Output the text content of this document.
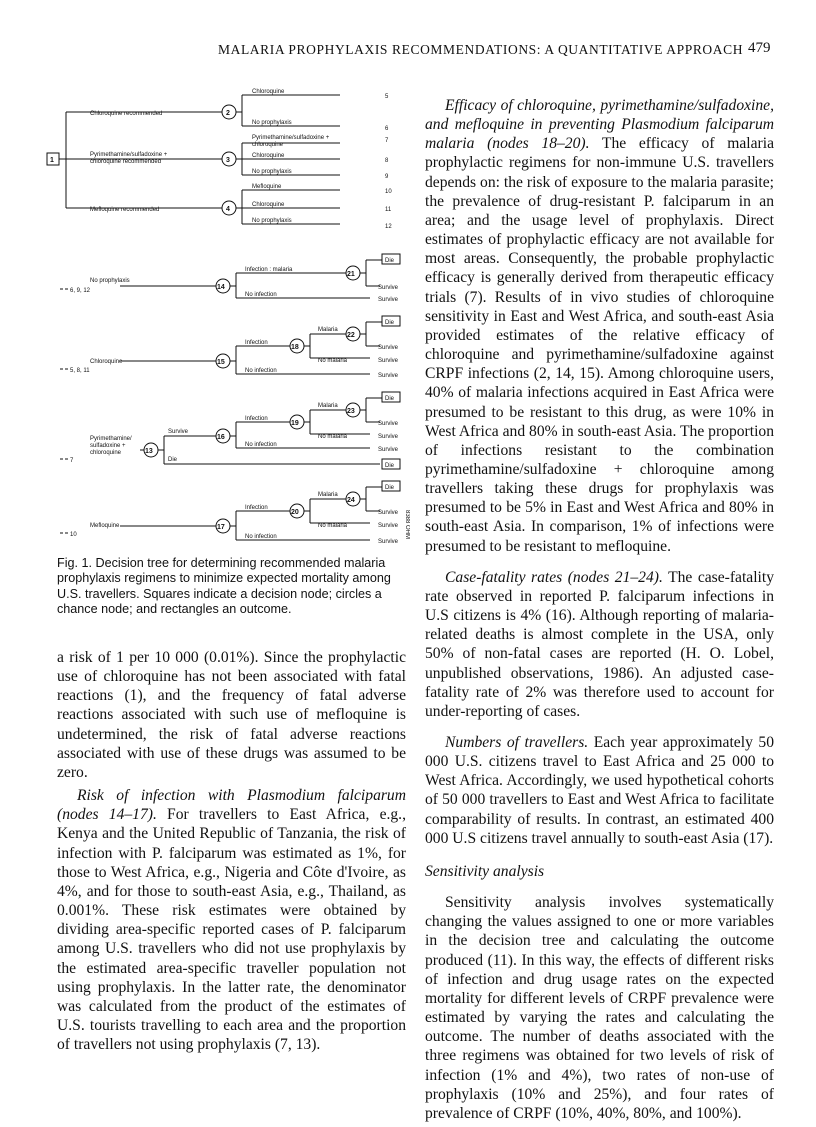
MALARIA PROPHYLAXIS RECOMMENDATIONS: A QUANTITATIVE APPROACH 479
1
Chloroquine recommended
Pyrimethamine/sulfadoxine + chloroquine recommended
Mefloquine recommended
2
3
4
Chloroquine
5
No prophylaxis
6
Pyrimethamine/sulfadoxine + chloroquine
7
Chloroquine
8
No prophylaxis
9
Mefloquine
10
Chloroquine
11
No prophylaxis
12
No prophylaxis
6, 9, 12	14
Infection : malaria
No infection
21
Die
Survive
Survive
Chloroquine
5, 8, 11
15
Infection
No infection
18
Malaria
No malaria
22
Die
Survive
Survive
Survive
Pyrimethamine/ sulfadoxine + chloroquine
7
13
Survive
Die
Die
16
Infection
No infection
19
Malaria
No malaria
23
Die
Survive
Survive
Survive
Mefloquine
10
17
Infection
No infection
20
Malaria
No malaria
24
Die
Survive
Survive
Survive
8388 OHM
Fig. 1. Decision tree for determining recommended malaria prophylaxis regimens to minimize expected mortality among U.S. travellers. Squares indicate a decision node; circles a chance node; and rectangles an outcome.

a risk of 1 per 10 000 (0.01%). Since the prophylactic use of chloroquine has not been associated with fatal reactions (1), and the frequency of fatal adverse reactions associated with such use of mefloquine is undetermined, the risk of fatal adverse reactions associated with use of these drugs was assumed to be zero.

Risk of infection with Plasmodium falciparum (nodes 14–17). For travellers to East Africa, e.g., Kenya and the United Republic of Tanzania, the risk of infection with P. falciparum was estimated as 1%, for those to West Africa, e.g., Nigeria and Côte d'Ivoire, as 4%, and for those to south-east Asia, e.g., Thailand, as 0.001%. These risk estimates were obtained by dividing area-specific reported cases of P. falciparum among U.S. travellers who did not use prophylaxis by the estimated area-specific traveller population not using prophylaxis. In the latter rate, the denominator was calculated from the product of the estimates of U.S. tourists travelling to each area and the proportion of travellers not using prophylaxis (7, 13).

Efficacy of chloroquine, pyrimethamine/sulfadoxine, and mefloquine in preventing Plasmodium falciparum malaria (nodes 18–20). The efficacy of malaria prophylactic regimens for non-immune U.S. travellers depends on: the risk of exposure to the malaria parasite; the prevalence of drug-resistant P. falciparum in an area; and the usage level of prophylaxis. Direct estimates of prophylactic efficacy are not available for most areas. Consequently, the probable prophylactic efficacy is generally derived from therapeutic efficacy trials (7). Results of in vivo studies of chloroquine sensitivity in East and West Africa, and south-east Asia provided estimates of the relative efficacy of chloroquine and pyrimethamine/sulfadoxine against CRPF infections (2, 14, 15). Among chloroquine users, 40% of malaria infections acquired in East Africa were presumed to be resistant to this drug, as were 10% in West Africa and 80% in south-east Asia. The proportion of infections resistant to the combination pyrimethamine/sulfadoxine + chloroquine among travellers taking these drugs for prophylaxis was presumed to be 5% in East and West Africa and 80% in south-east Asia. In comparison, 1% of infections were presumed to be resistant to mefloquine.

Case-fatality rates (nodes 21–24). The case-fatality rate observed in reported P. falciparum infections in U.S citizens is 4% (16). Although reporting of malaria-related deaths is almost complete in the USA, only 50% of non-fatal cases are reported (H. O. Lobel, unpublished observations, 1986). An adjusted case-fatality rate of 2% was therefore used to account for under-reporting of cases.

Numbers of travellers. Each year approximately 50 000 U.S. citizens travel to East Africa and 25 000 to West Africa. Accordingly, we used hypothetical cohorts of 50 000 travellers to East and West Africa to facilitate comparability of results. In contrast, an estimated 400 000 U.S citizens travel annually to south-east Asia (17).

Sensitivity analysis

Sensitivity analysis involves systematically changing the values assigned to one or more variables in the decision tree and calculating the outcome produced (11). In this way, the effects of different risks of infection and drug usage rates on the expected mortality for different levels of CRPF prevalence were estimated by varying the rates and calculating the outcome. The number of deaths associated with the three regimens was obtained for two levels of risk of infection (1% and 4%), two rates of non-use of prophylaxis (10% and 25%), and four rates of prevalence of CRPF (10%, 40%, 80%, and 100%).
